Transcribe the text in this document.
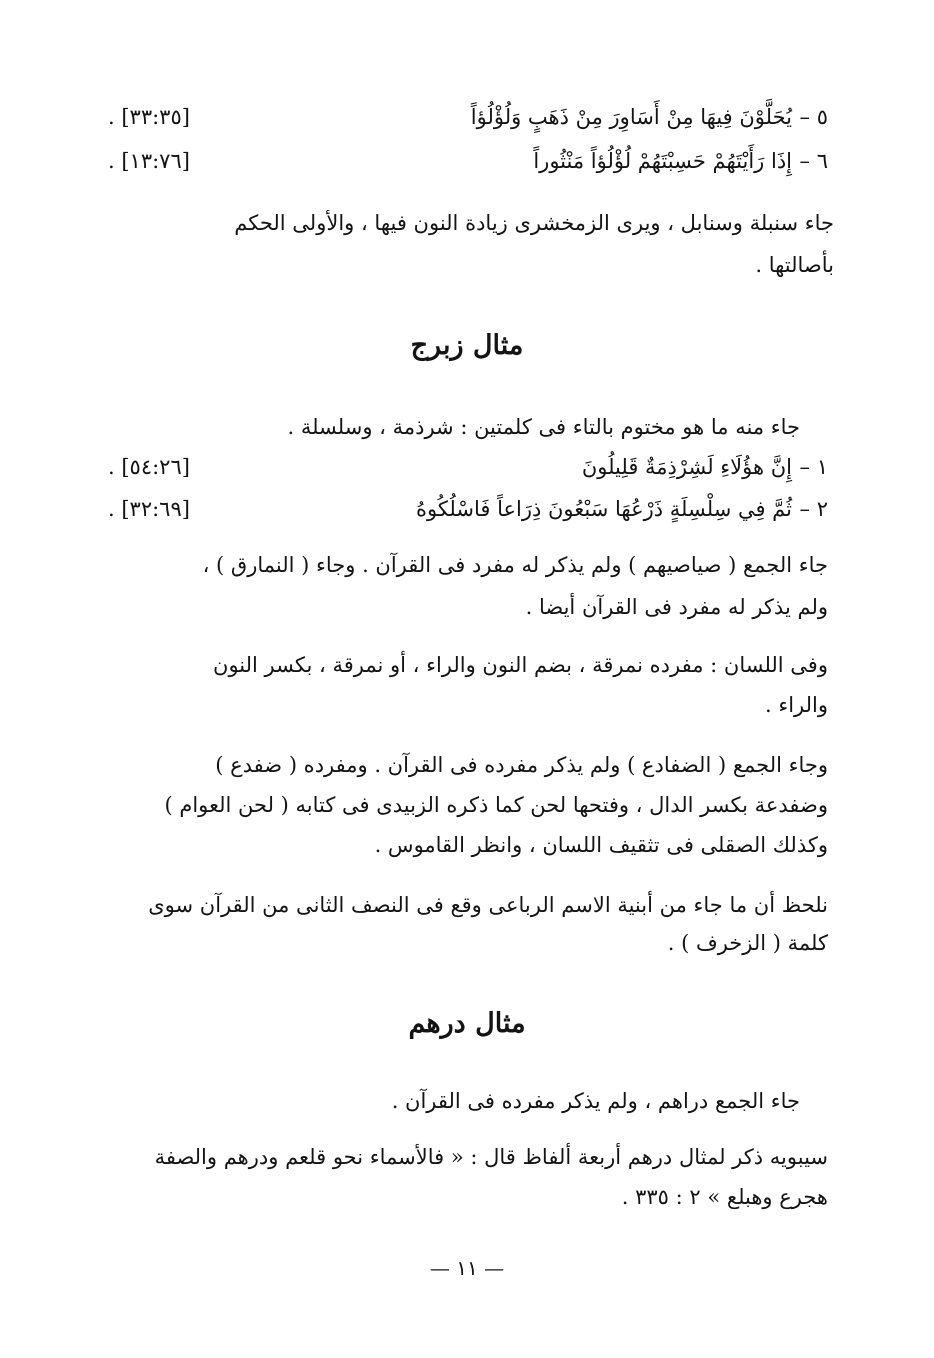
٥ –
يُحَلَّوْنَ فِيهَا مِنْ أَسَاوِرَ مِنْ ذَهَبٍ وَلُؤْلُؤاً
. [٣٣:٣٥]
٦ –
إِذَا رَأَيْتَهُمْ حَسِبْتَهُمْ لُؤْلُؤاً مَنْثُوراً
. [١٣:٧٦]
جاء سنبلة وسنابل ، ويرى الزمخشرى زيادة النون فيها ، والأولى الحكم
بأصالتها .
مثال زبرج
جاء منه ما هو مختوم بالتاء فى كلمتين : شرذمة ، وسلسلة .
١ –
إِنَّ هؤُلَاءِ لَشِرْذِمَةٌ قَلِيلُونَ
. [٥٤:٢٦]
٢ –
ثُمَّ فِي سِلْسِلَةٍ ذَرْعُهَا سَبْعُونَ ذِرَاعاً فَاسْلُكُوهُ
. [٣٢:٦٩]
جاء الجمع ( صياصيهم ) ولم يذكر له مفرد فى القرآن . وجاء ( النمارق ) ،
ولم يذكر له مفرد فى القرآن أيضا .
وفى اللسان : مفرده نمرقة ، بضم النون والراء ، أو نمرقة ، بكسر النون
والراء .
وجاء الجمع ( الضفادع ) ولم يذكر مفرده فى القرآن . ومفرده ( ضفدع )
وضفدعة بكسر الدال ، وفتحها لحن كما ذكره الزبيدى فى كتابه ( لحن العوام )
وكذلك الصقلى فى تثقيف اللسان ، وانظر القاموس .
نلحظ أن ما جاء من أبنية الاسم الرباعى وقع فى النصف الثانى من القرآن سوى
كلمة ( الزخرف ) .
مثال درهم
جاء الجمع دراهم ، ولم يذكر مفرده فى القرآن .
سيبويه ذكر لمثال درهم أربعة ألفاظ قال : « فالأسماء نحو قلعم ودرهم والصفة
هجرع وهبلع » ٢ : ٣٣٥ .
— ١١ —
